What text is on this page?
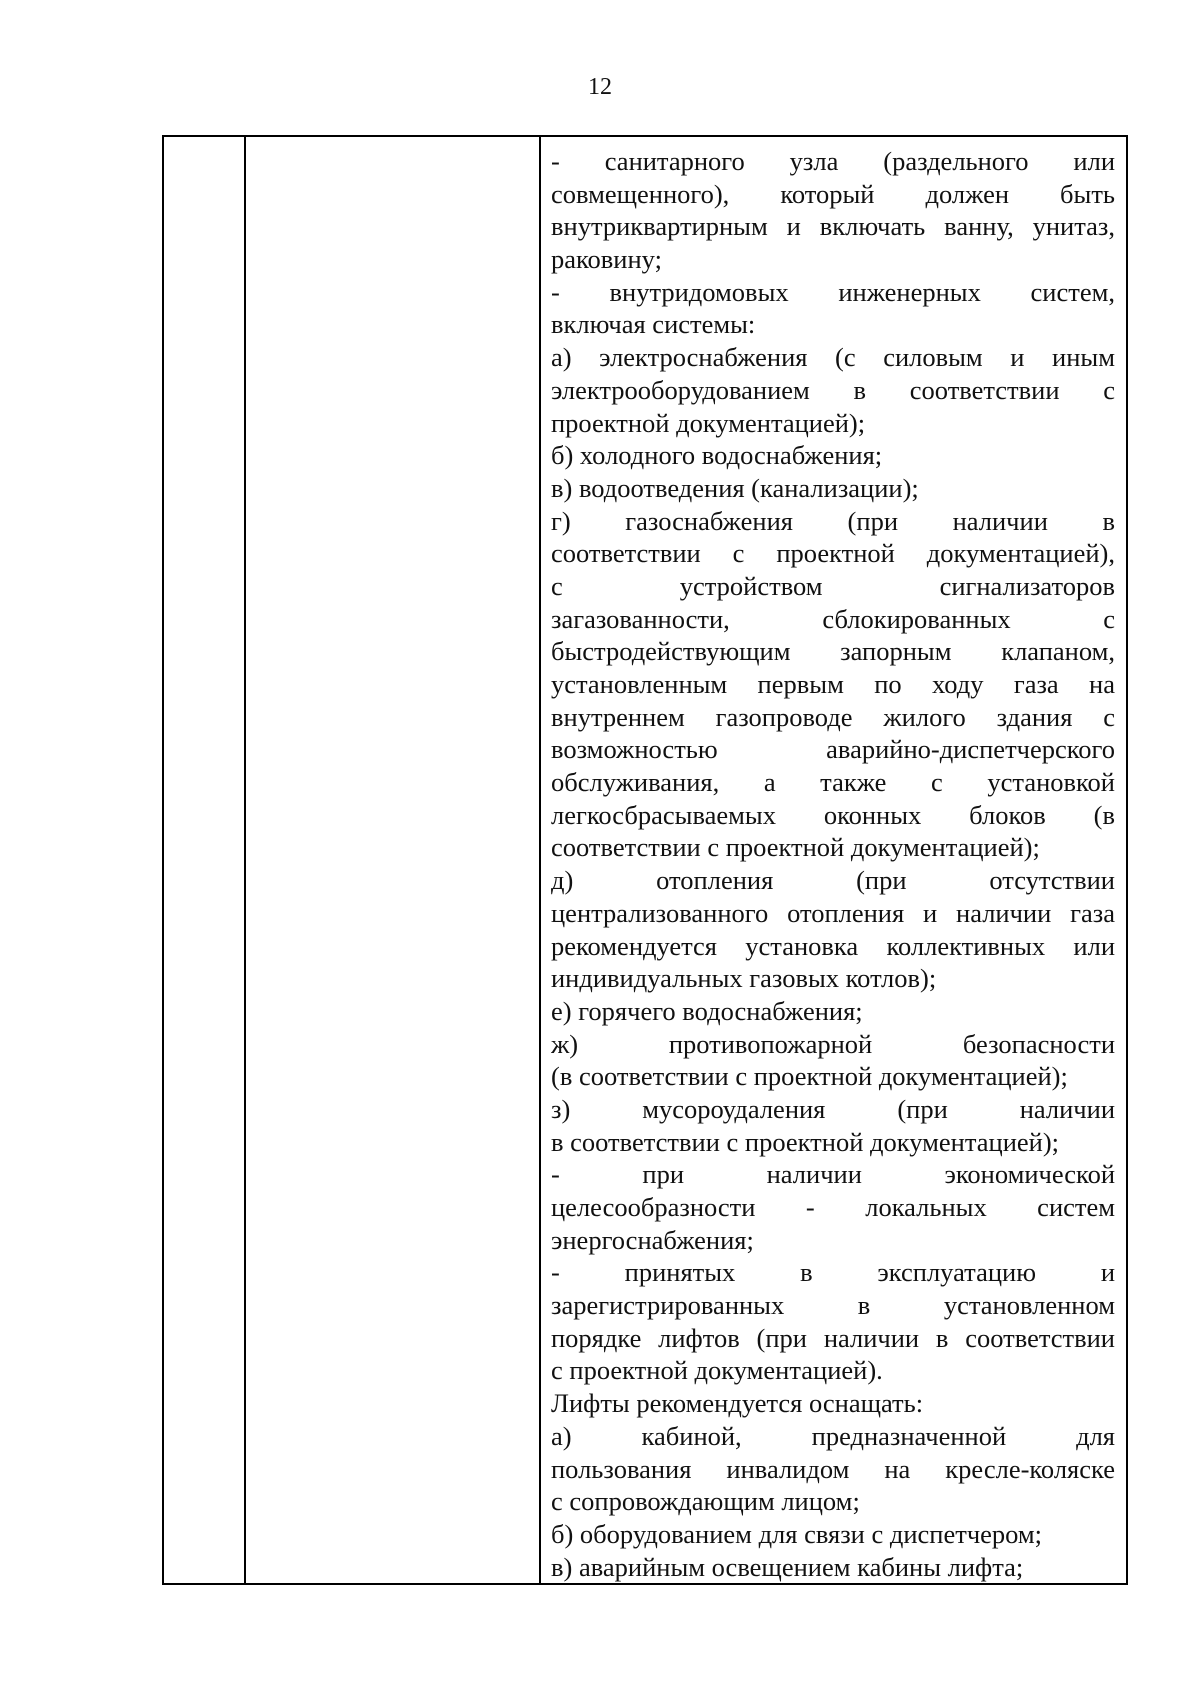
12

- санитарного узла (раздельного или
совмещенного), который должен быть
внутриквартирным и включать ванну, унитаз,
раковину;
- внутридомовых инженерных систем,
включая системы:
а) электроснабжения (с силовым и иным
электрооборудованием в соответствии с
проектной документацией);
б) холодного водоснабжения;
в) водоотведения (канализации);
г) газоснабжения (при наличии в
соответствии с проектной документацией),
с устройством сигнализаторов
загазованности, сблокированных с
быстродействующим запорным клапаном,
установленным первым по ходу газа на
внутреннем газопроводе жилого здания с
возможностью аварийно-диспетчерского
обслуживания, а также с установкой
легкосбрасываемых оконных блоков (в
соответствии с проектной документацией);
д) отопления (при отсутствии
централизованного отопления и наличии газа
рекомендуется установка коллективных или
индивидуальных газовых котлов);
е) горячего водоснабжения;
ж) противопожарной безопасности
(в соответствии с проектной документацией);
з) мусороудаления (при наличии
в соответствии с проектной документацией);
- при наличии экономической
целесообразности - локальных систем
энергоснабжения;
- принятых в эксплуатацию и
зарегистрированных в установленном
порядке лифтов (при наличии в соответствии
с проектной документацией).
Лифты рекомендуется оснащать:
а) кабиной, предназначенной для
пользования инвалидом на кресле-коляске
с сопровождающим лицом;
б) оборудованием для связи с диспетчером;
в) аварийным освещением кабины лифта;
